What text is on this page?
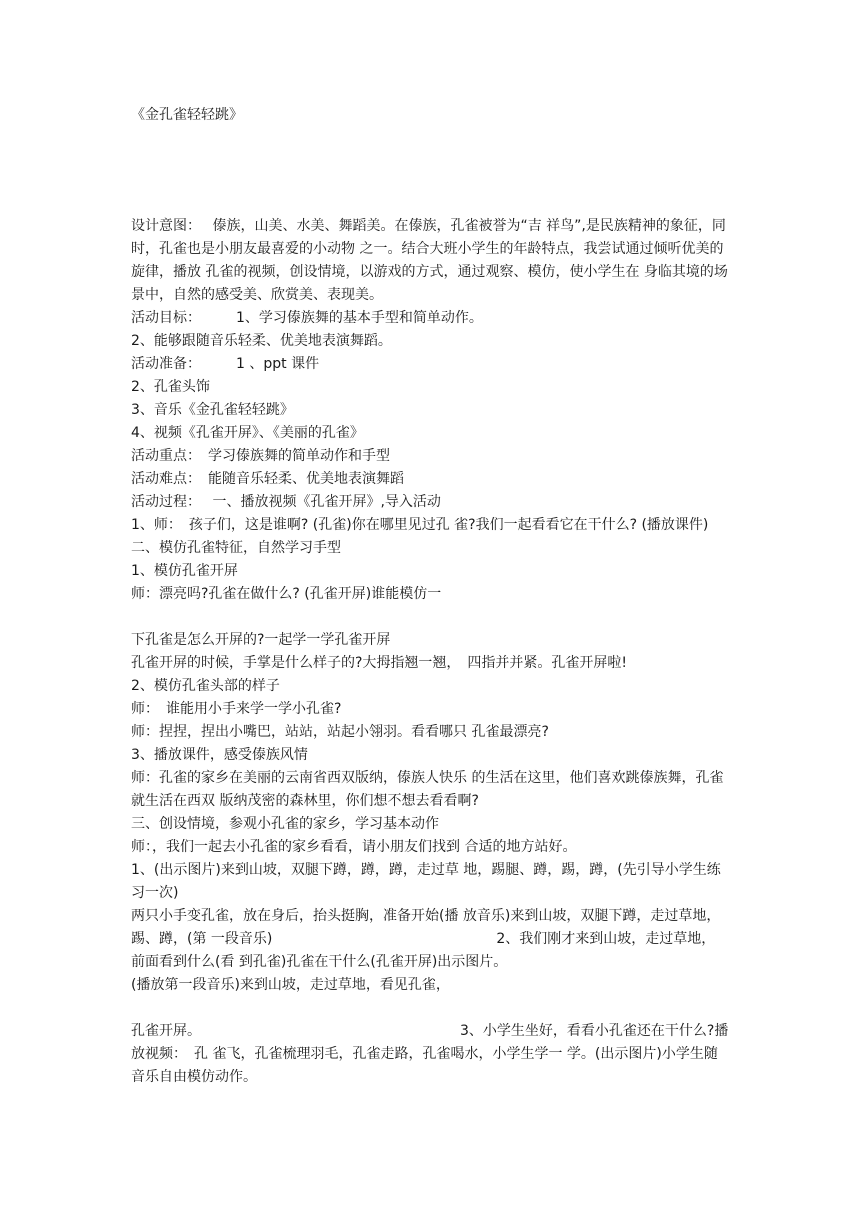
《金孔雀轻轻跳》

设计意图：　 傣族，山美、水美、舞蹈美。在傣族，孔雀被誉为“吉 祥鸟”,是民族精神的象征，同时，孔雀也是小朋友最喜爱的小动物 之一。结合大班小学生的年龄特点，我尝试通过倾听优美的旋律，播放 孔雀的视频，创设情境，以游戏的方式，通过观察、模仿，使小学生在 身临其境的场景中，自然的感受美、欣赏美、表现美。

活动目标：　　　1、学习傣族舞的基本手型和简单动作。

2、能够跟随音乐轻柔、优美地表演舞蹈。

活动准备：　　　1 、ppt 课件

2、孔雀头饰

3、音乐《金孔雀轻轻跳》

4、视频《孔雀开屏》、《美丽的孔雀》

活动重点：　学习傣族舞的简单动作和手型

活动难点：　能随音乐轻柔、优美地表演舞蹈

活动过程：　 一、播放视频《孔雀开屏》,导入活动

1、师：　孩子们，这是谁啊? (孔雀)你在哪里见过孔 雀?我们一起看看它在干什么? (播放课件)

二、模仿孔雀特征，自然学习手型

1、模仿孔雀开屏

师：漂亮吗?孔雀在做什么? (孔雀开屏)谁能模仿一

下孔雀是怎么开屏的?一起学一学孔雀开屏

孔雀开屏的时候，手掌是什么样子的?大拇指翘一翘，　四指并并紧。孔雀开屏啦!

2、模仿孔雀头部的样子

师：　谁能用小手来学一学小孔雀?

师：捏捏，捏出小嘴巴，站站，站起小翎羽。看看哪只 孔雀最漂亮?

3、播放课件，感受傣族风情

师：孔雀的家乡在美丽的云南省西双版纳，傣族人快乐 的生活在这里，他们喜欢跳傣族舞，孔雀就生活在西双 版纳茂密的森林里，你们想不想去看看啊?

三、创设情境，参观小孔雀的家乡，学习基本动作

师：，我们一起去小孔雀的家乡看看，请小朋友们找到 合适的地方站好。

1、(出示图片)来到山坡，双腿下蹲，蹲，蹲，走过草 地，踢腿、蹲，踢，蹲，(先引导小学生练习一次)

两只小手变孔雀，放在身后，抬头挺胸，准备开始(播 放音乐)来到山坡，双腿下蹲，走过草地，踢、蹲，(第 一段音乐)　　　　　　　　　　　　　　　　2、我们刚才来到山坡，走过草地，前面看到什么(看 到孔雀)孔雀在干什么(孔雀开屏)出示图片。

(播放第一段音乐)来到山坡，走过草地，看见孔雀，

孔雀开屏。　　　　　　　　　　　　　　　　　　　3、小学生坐好，看看小孔雀还在干什么?播放视频：　孔 雀飞，孔雀梳理羽毛，孔雀走路，孔雀喝水，小学生学一 学。(出示图片)小学生随音乐自由模仿动作。
